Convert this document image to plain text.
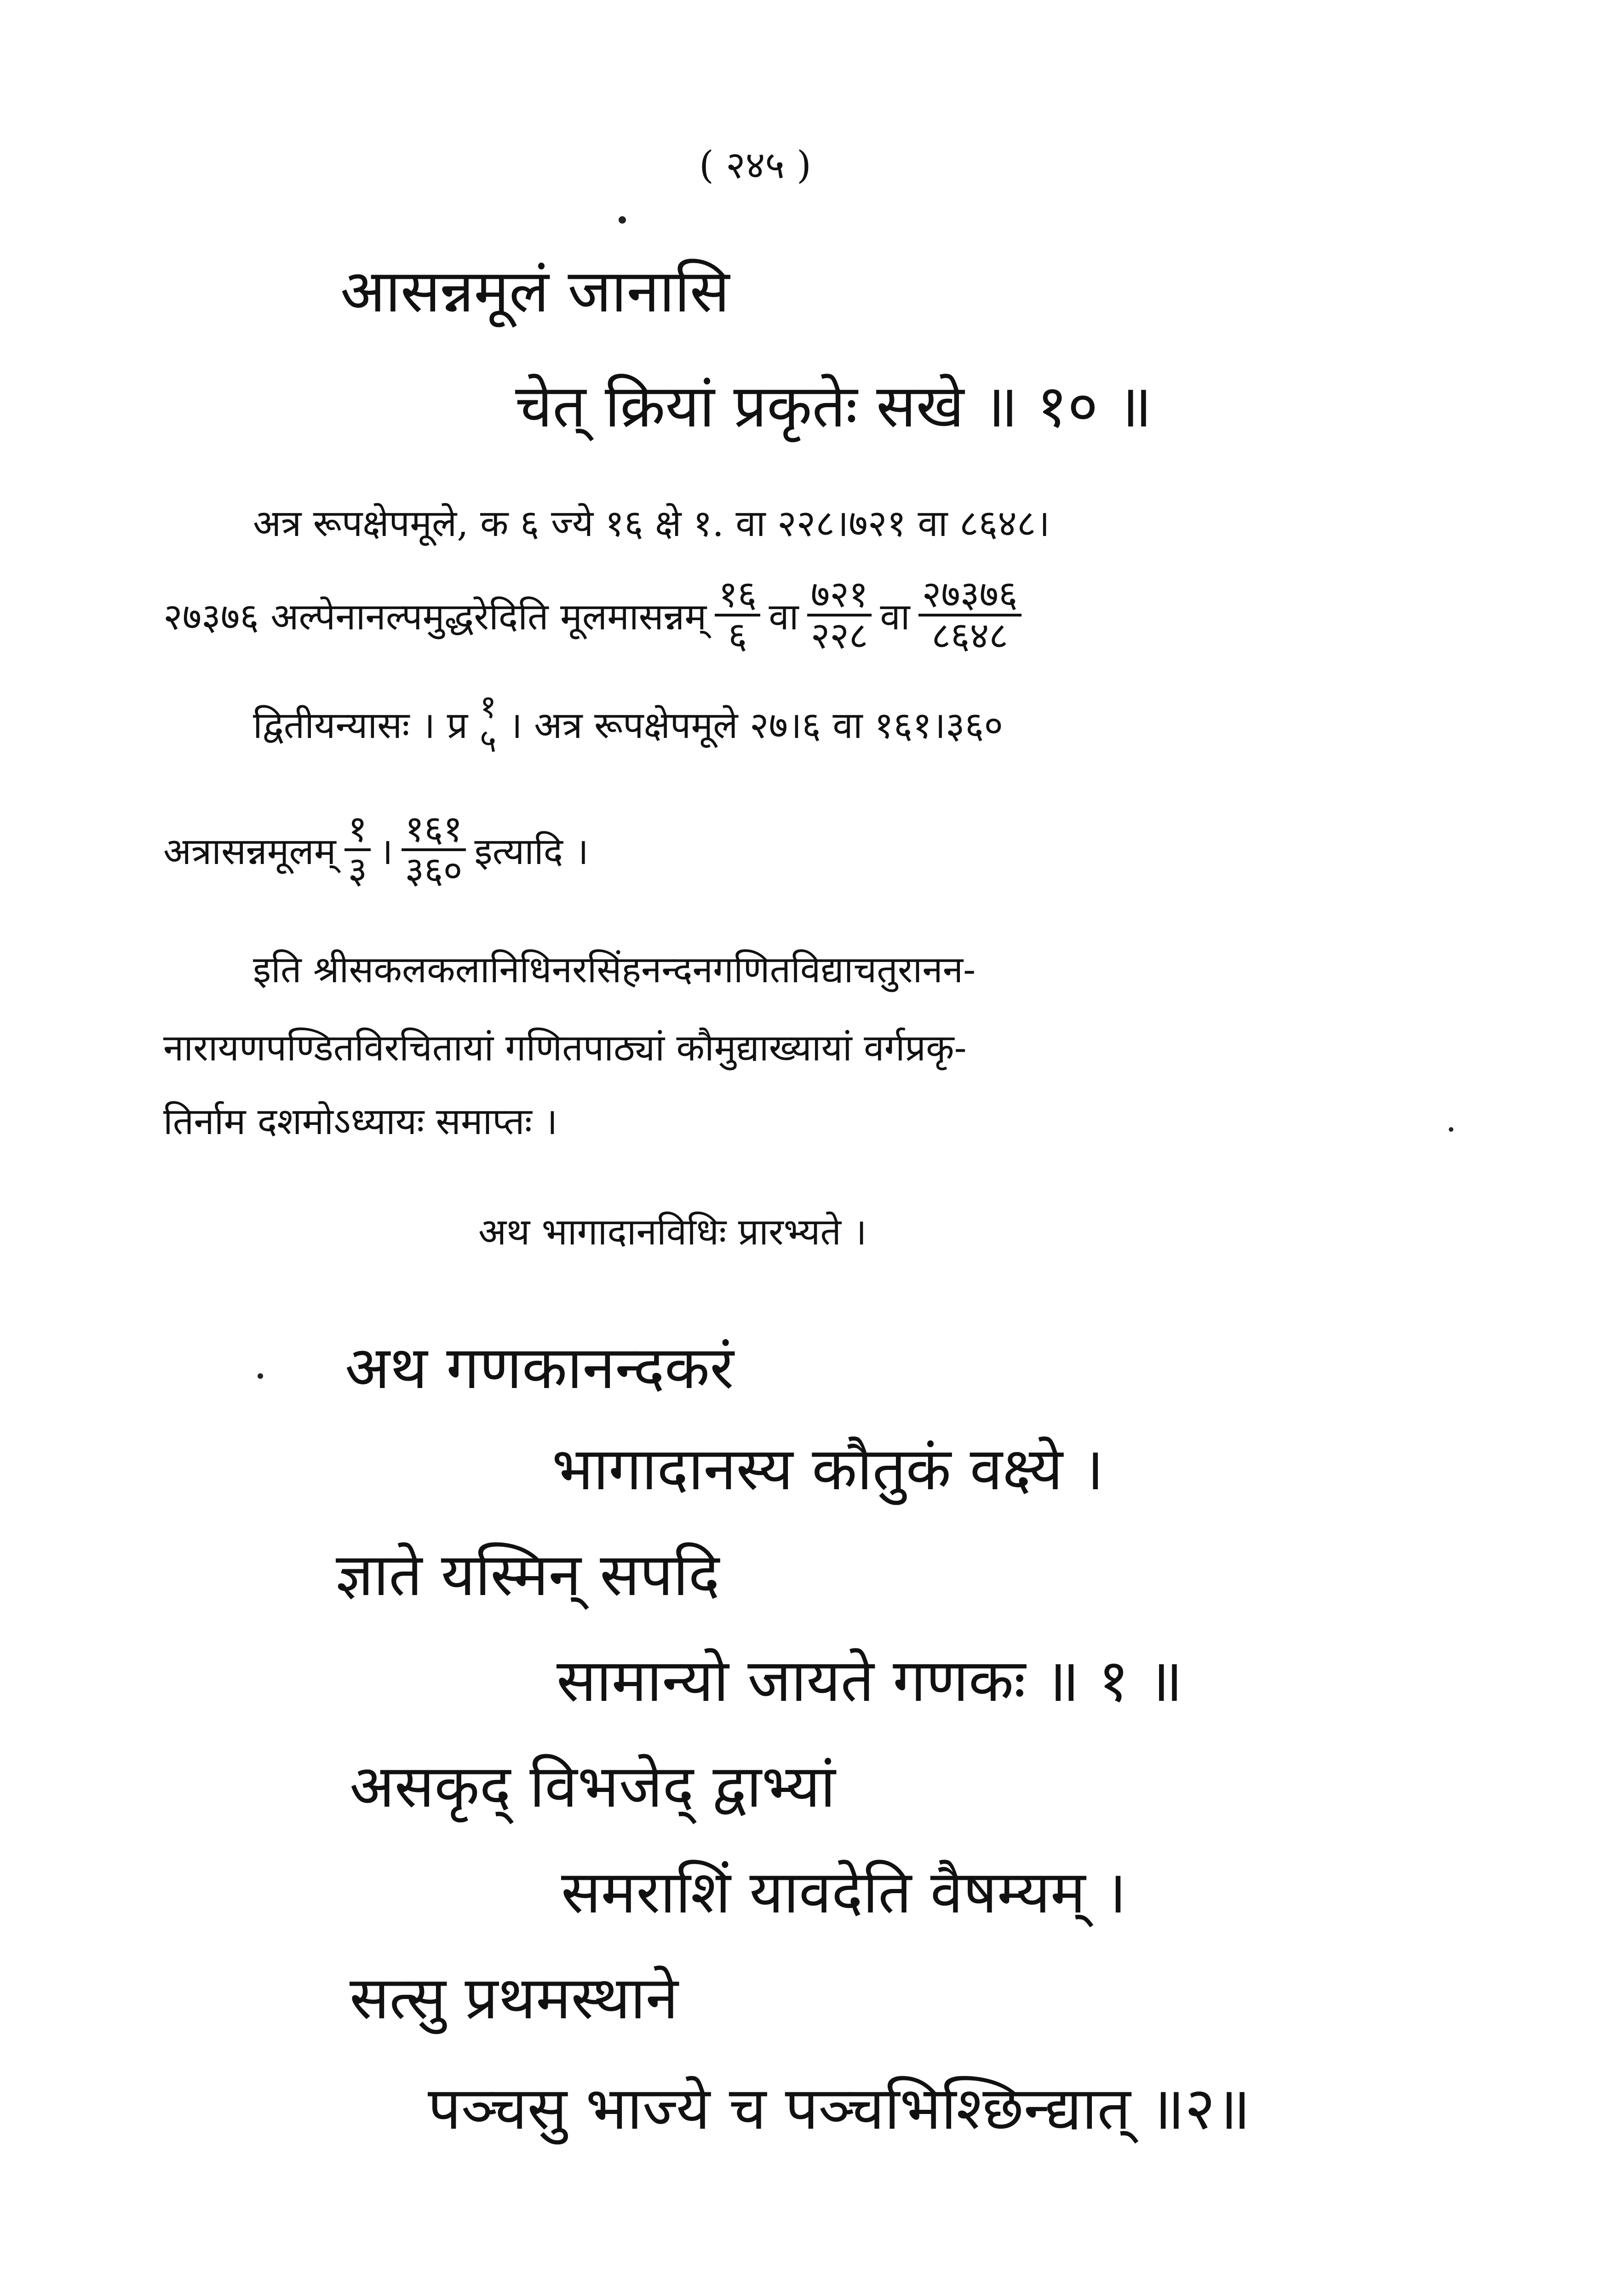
( २४५ )
आसन्नमूलं जानासि
चेत् क्रियां प्रकृतेः सखे ॥ १० ॥
अत्र रूपक्षेपमूले, क ६ ज्ये १६ क्षे १. वा २२८।७२१ वा ८६४८।
२७३७६ अल्पेनानल्पमुद्धरेदिति मूलमासन्नम् $\frac{१६}{६}$ वा $\frac{७२१}{२२८}$ वा $\frac{२७३७६}{८६४८}$
द्वितीयन्यासः । प्र १
५ । अत्र रूपक्षेपमूले २७।६ वा १६१।३६०
अत्रासन्नमूलम् $\frac{१}{३}$ । $\frac{१६१}{३६०}$ इत्यादि ।
इति श्रीसकलकलानिधिनरसिंहनन्दनगणितविद्याचतुरानन-
नारायणपण्डितविरचितायां गणितपाठ्यां कौमुद्याख्यायां वर्गप्रकृ-
तिर्नाम दशमोऽध्यायः समाप्तः ।
अथ भागादानविधिः प्रारभ्यते ।
अथ गणकानन्दकरं
भागादानस्य कौतुकं वक्ष्ये ।
ज्ञाते यस्मिन् सपदि
सामान्यो जायते गणकः ॥ १ ॥
असकृद् विभजेद् द्वाभ्यां
समराशिं यावदेति वैषम्यम् ।
सत्सु प्रथमस्थाने
पञ्चसु भाज्ये च पञ्चभिश्छिन्द्यात् ॥२॥
